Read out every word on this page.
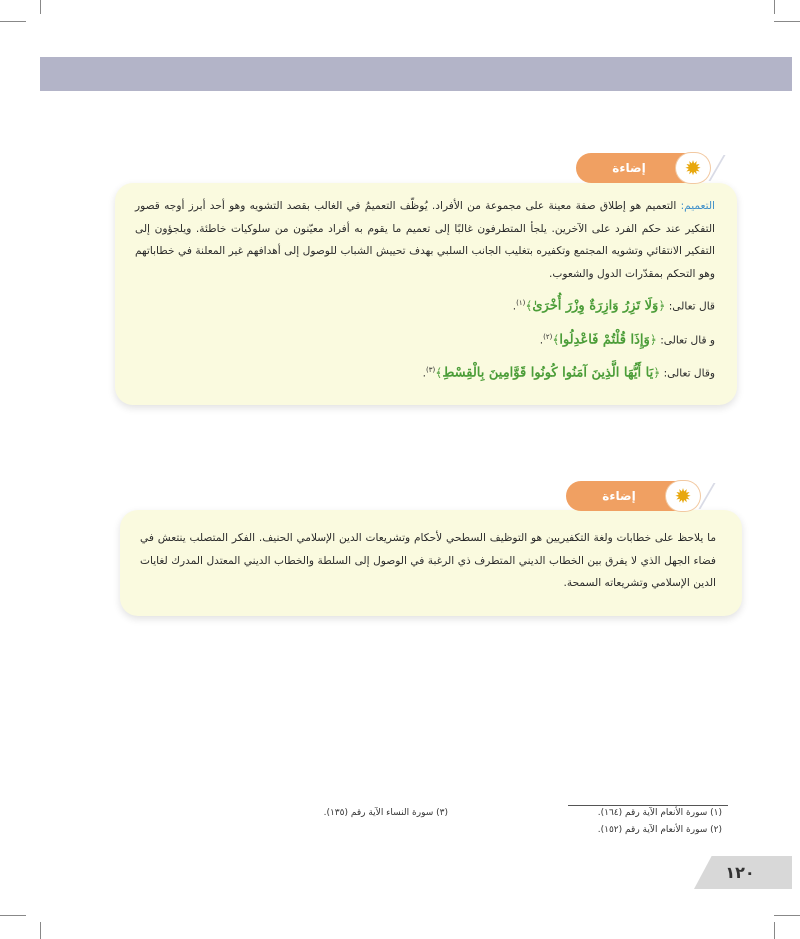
التعميم: التعميم هو إطلاق صفة معينة على مجموعة من الأفراد. يُوظّف التعميمُ في الغالب بقصد التشويه وهو أحد أبرز أوجه قصور التفكير عند حكم الفرد على الآخرين. يلجأ المتطرفون غالبًا إلى تعميم ما يقوم به أفراد معيّنون من سلوكيات خاطئة. ويلجؤون إلى التفكير الانتقائي وتشويه المجتمع وتكفيره بتغليب الجانب السلبي بهدف تحييش الشباب للوصول إلى أهدافهم غير المعلنة في خطاباتهم وهو التحكم بمقدّرات الدول والشعوب.

قال تعالى: ﴿وَلَا تَزِرُ وَازِرَةٌ وِزْرَ أُخْرَىٰ﴾$^{(١)}$.

و قال تعالى: ﴿وَإِذَا قُلْتُمْ فَاعْدِلُوا﴾$^{(٢)}$.

وقال تعالى: ﴿يَا أَيُّهَا الَّذِينَ آمَنُوا كُونُوا قَوَّامِينَ بِالْقِسْطِ﴾$^{(٣)}$.

إضاءة	✹

ما يلاحظ على خطابات ولغة التكفيريين هو التوظيف السطحي لأحكام وتشريعات الدين الإسلامي الحنيف. الفكر المتصلب ينتعش في فضاء الجهل الذي لا يفرق بين الخطاب الديني المتطرف ذي الرغبة في الوصول إلى السلطة والخطاب الديني المعتدل المدرك لغايات الدين الإسلامي وتشريعاته السمحة.

إضاءة	✹
(١) سورة الأنعام الآية رقم (١٦٤).
(٢) سورة الأنعام الآية رقم (١٥٢).
(٣) سورة النساء الآية رقم (١٣٥).
١٢٠
